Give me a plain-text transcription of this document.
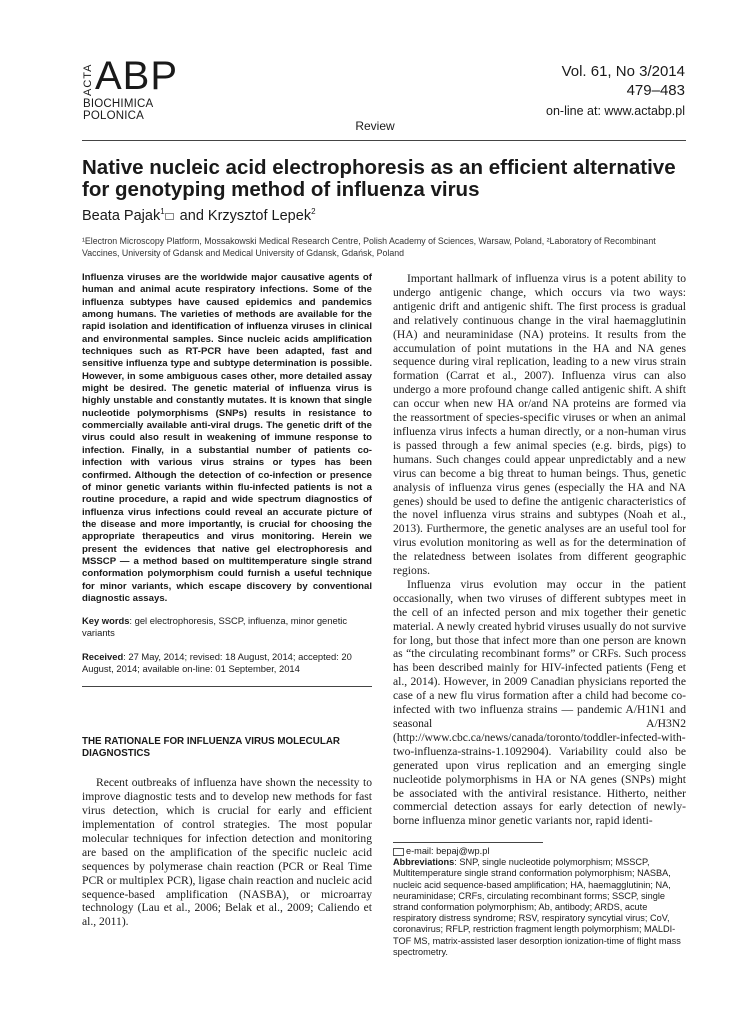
ACTA ABP
BIOCHIMICA
POLONICA
Vol. 61, No 3/2014
479–483
on-line at: www.actabp.pl
Review
Native nucleic acid electrophoresis as an efficient alternative for genotyping method of influenza virus
Beata Pajak$^1$ and Krzysztof Lepek$^2$
¹Electron Microscopy Platform, Mossakowski Medical Research Centre, Polish Academy of Sciences, Warsaw, Poland, ²Laboratory of Recombinant Vaccines, University of Gdansk and Medical University of Gdansk, Gdańsk, Poland

Influenza viruses are the worldwide major causative agents of human and animal acute respiratory infections. Some of the influenza subtypes have caused epidemics and pandemics among humans. The varieties of methods are available for the rapid isolation and identification of influenza viruses in clinical and environmental samples. Since nucleic acids amplification techniques such as RT-PCR have been adapted, fast and sensitive influenza type and subtype determination is possible. However, in some ambiguous cases other, more detailed assay might be desired. The genetic material of influenza virus is highly unstable and constantly mutates. It is known that single nucleotide polymorphisms (SNPs) results in resistance to commercially available anti-viral drugs. The genetic drift of the virus could also result in weakening of immune response to infection. Finally, in a substantial number of patients co-infection with various virus strains or types has been confirmed. Although the detection of co-infection or presence of minor genetic variants within flu-infected patients is not a routine procedure, a rapid and wide spectrum diagnostics of influenza virus infections could reveal an accurate picture of the disease and more importantly, is crucial for choosing the appropriate therapeutics and virus monitoring. Herein we present the evidences that native gel electrophoresis and MSSCP — a method based on multitemperature single strand conformation polymorphism could furnish a useful technique for minor variants, which escape discovery by conventional diagnostic assays.

Key words: gel electrophoresis, SSCP, influenza, minor genetic variants
Received: 27 May, 2014; revised: 18 August, 2014; accepted: 20 August, 2014; available on-line: 01 September, 2014
THE RATIONALE FOR INFLUENZA VIRUS MOLECULAR DIAGNOSTICS

Recent outbreaks of influenza have shown the necessity to improve diagnostic tests and to develop new methods for fast virus detection, which is crucial for early and efficient implementation of control strategies. The most popular molecular techniques for infection detection and monitoring are based on the amplification of the specific nucleic acid sequences by polymerase chain reaction (PCR or Real Time PCR or multiplex PCR), ligase chain reaction and nucleic acid sequence-based amplification (NASBA), or microarray technology (Lau et al., 2006; Belak et al., 2009; Caliendo et al., 2011).

Important hallmark of influenza virus is a potent ability to undergo antigenic change, which occurs via two ways: antigenic drift and antigenic shift. The first process is gradual and relatively continuous change in the viral haemagglutinin (HA) and neuraminidase (NA) proteins. It results from the accumulation of point mutations in the HA and NA genes sequence during viral replication, leading to a new virus strain formation (Carrat et al., 2007). Influenza virus can also undergo a more profound change called antigenic shift. A shift can occur when new HA or/and NA proteins are formed via the reassortment of species-specific viruses or when an animal influenza virus infects a human directly, or a non-human virus is passed through a few animal species (e.g. birds, pigs) to humans. Such changes could appear unpredictably and a new virus can become a big threat to human beings. Thus, genetic analysis of influenza virus genes (especially the HA and NA genes) should be used to define the antigenic characteristics of the novel influenza virus strains and subtypes (Noah et al., 2013). Furthermore, the genetic analyses are an useful tool for virus evolution monitoring as well as for the determination of the relatedness between isolates from different geographic regions.

Influenza virus evolution may occur in the patient occasionally, when two viruses of different subtypes meet in the cell of an infected person and mix together their genetic material. A newly created hybrid viruses usually do not survive for long, but those that infect more than one person are known as “the circulating recombinant forms” or CRFs. Such process has been described mainly for HIV-infected patients (Feng et al., 2014). However, in 2009 Canadian physicians reported the case of a new flu virus formation after a child had become co-infected with two influenza strains — pandemic A/H1N1 and seasonal A/H3N2 (http://www.cbc.ca/news/canada/toronto/toddler-infected-with-two-influenza-strains-1.1092904). Variability could also be generated upon virus replication and an emerging single nucleotide polymorphisms in HA or NA genes (SNPs) might be associated with the antiviral resistance. Hitherto, neither commercial detection assays for early detection of newly-borne influenza minor genetic variants nor, rapid identi-

e-mail: bepaj@wp.pl
Abbreviations: SNP, single nucleotide polymorphism; MSSCP, Multitemperature single strand conformation polymorphism; NASBA, nucleic acid sequence-based amplification; HA, haemagglutinin; NA, neuraminidase; CRFs, circulating recombinant forms; SSCP, single strand conformation polymorphism; Ab, antibody; ARDS, acute respiratory distress syndrome; RSV, respiratory syncytial virus; CoV, coronavirus; RFLP, restriction fragment length polymorphism; MALDI-TOF MS, matrix-assisted laser desorption ionization-time of flight mass spectrometry.
